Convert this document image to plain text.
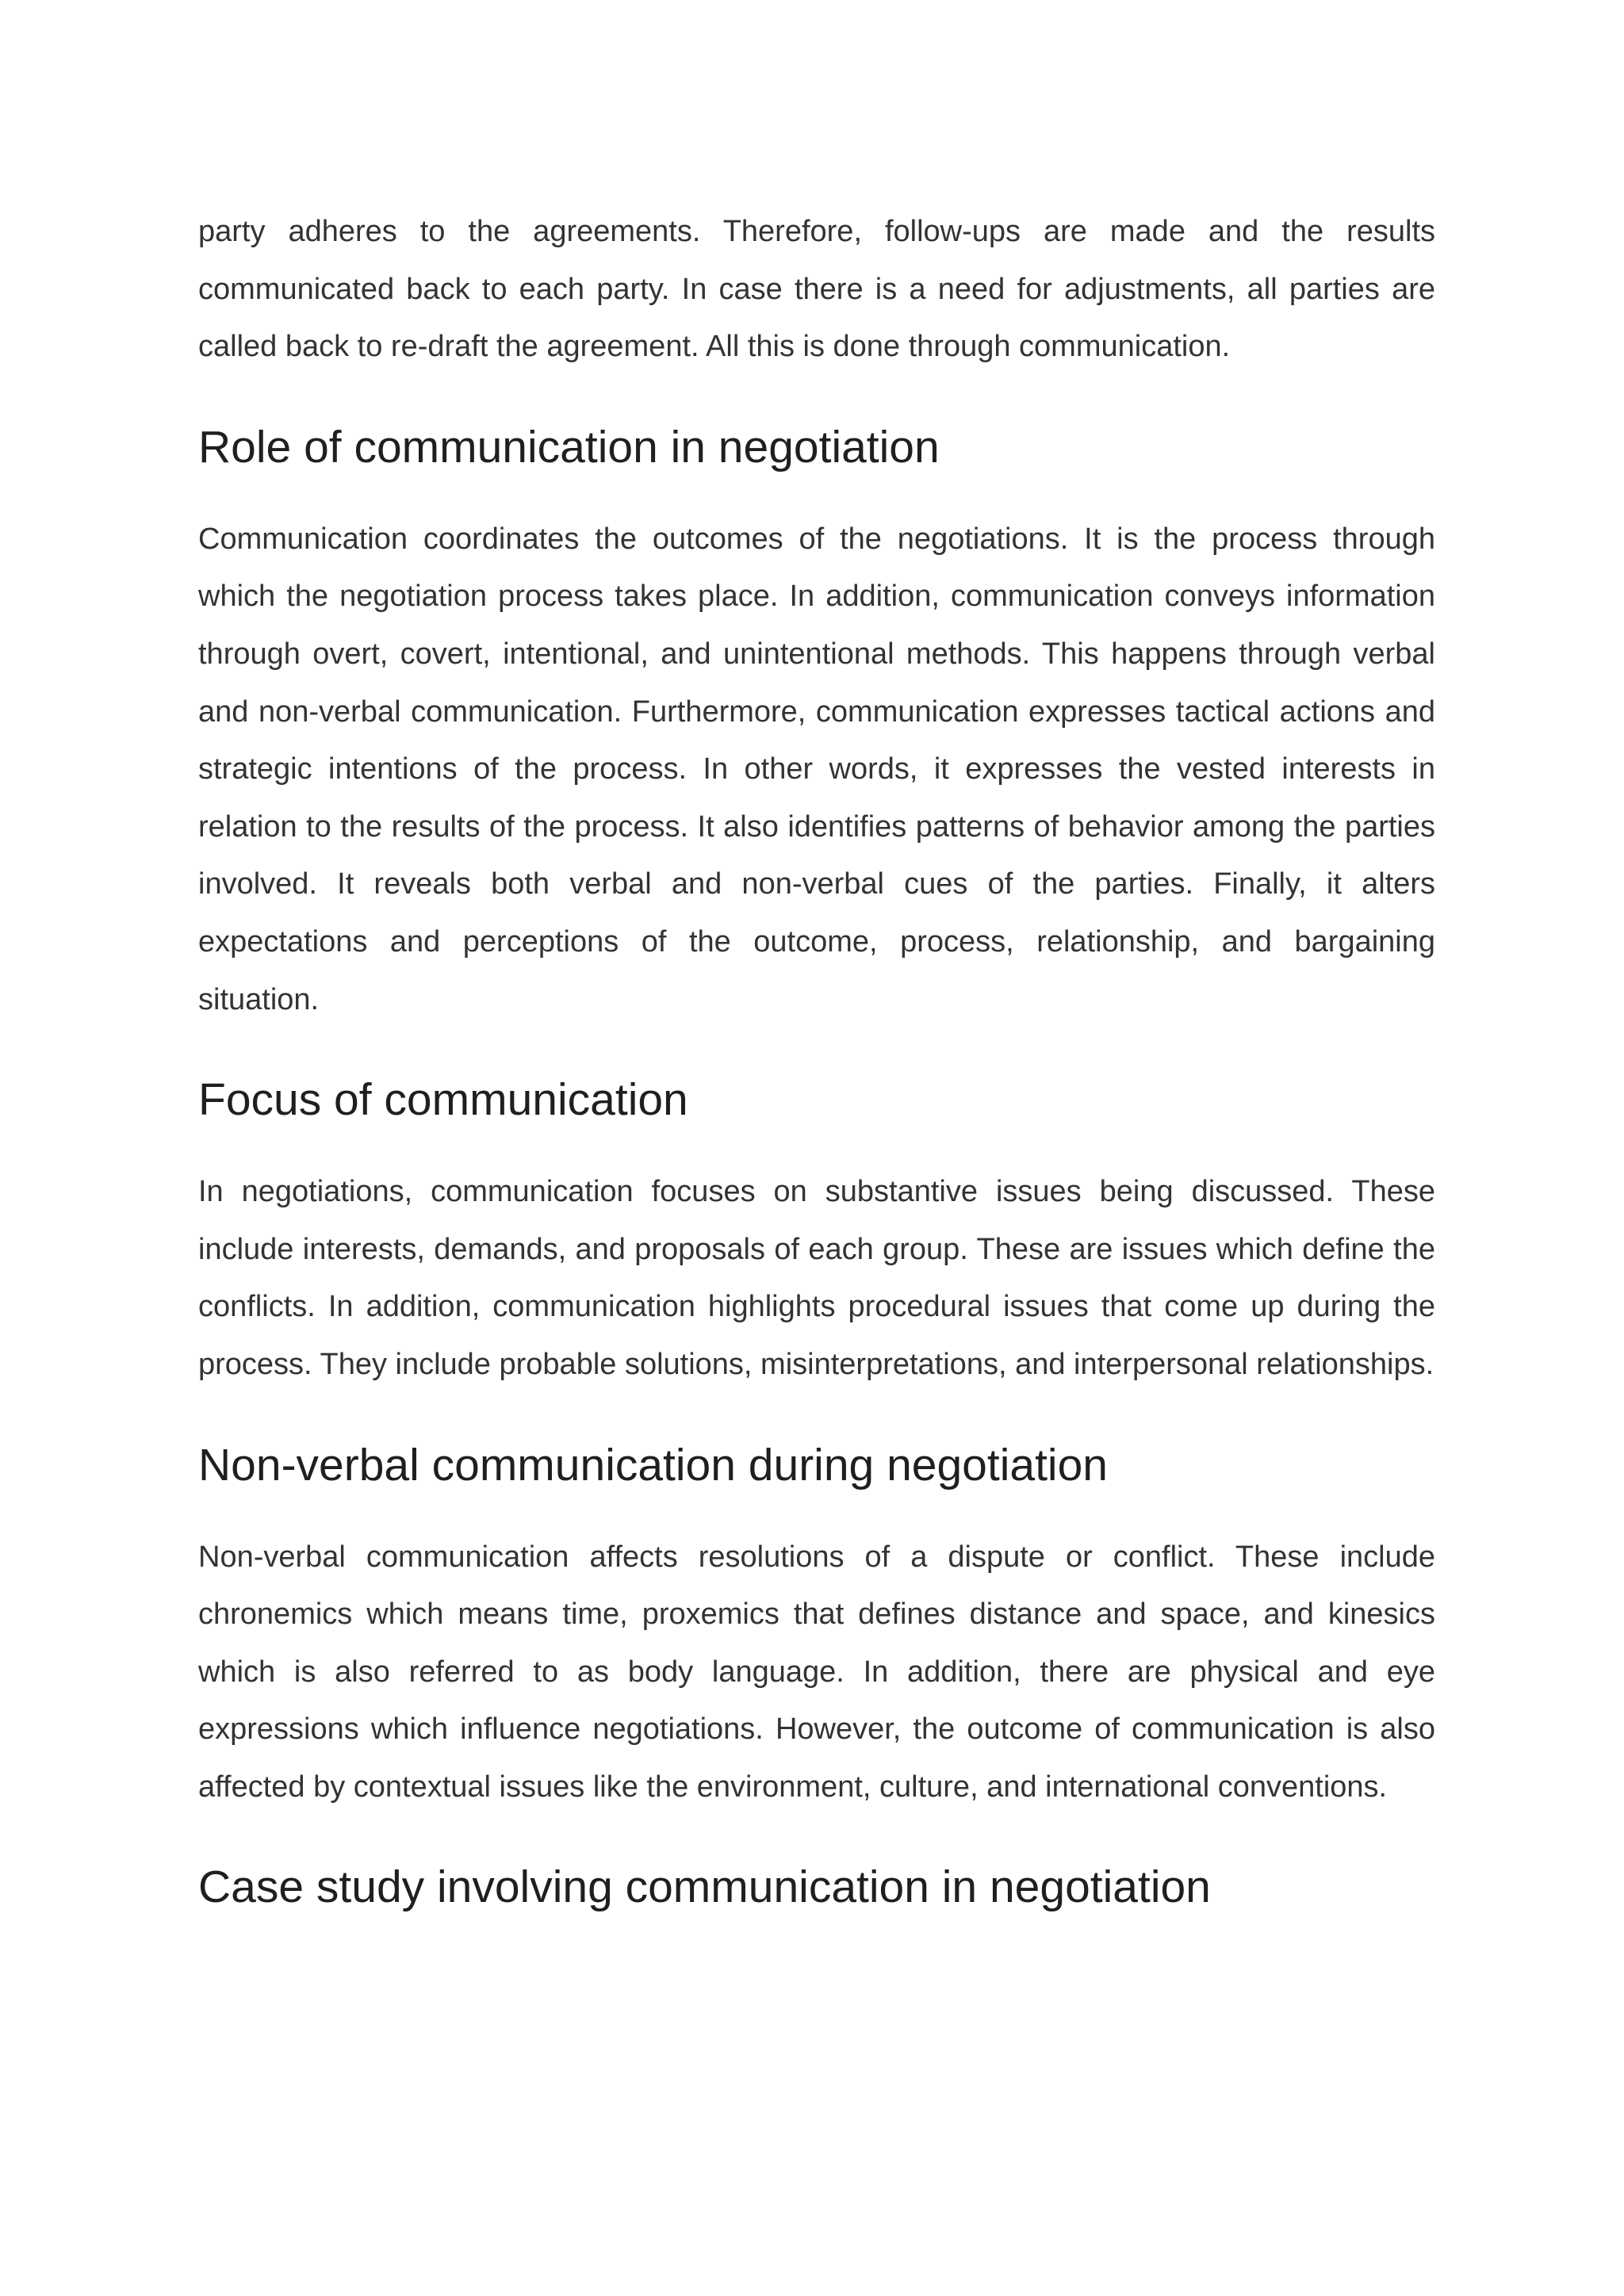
party adheres to the agreements. Therefore, follow-ups are made and the results communicated back to each party. In case there is a need for adjustments, all parties are called back to re-draft the agreement. All this is done through communication.

Role of communication in negotiation

Communication coordinates the outcomes of the negotiations. It is the process through which the negotiation process takes place. In addition, communication conveys information through overt, covert, intentional, and unintentional methods. This happens through verbal and non-verbal communication. Furthermore, communication expresses tactical actions and strategic intentions of the process. In other words, it expresses the vested interests in relation to the results of the process. It also identifies patterns of behavior among the parties involved. It reveals both verbal and non-verbal cues of the parties. Finally, it alters expectations and perceptions of the outcome, process, relationship, and bargaining situation.

Focus of communication

In negotiations, communication focuses on substantive issues being discussed. These include interests, demands, and proposals of each group. These are issues which define the conflicts. In addition, communication highlights procedural issues that come up during the process. They include probable solutions, misinterpretations, and interpersonal relationships.

Non-verbal communication during negotiation

Non-verbal communication affects resolutions of a dispute or conflict. These include chronemics which means time, proxemics that defines distance and space, and kinesics which is also referred to as body language. In addition, there are physical and eye expressions which influence negotiations. However, the outcome of communication is also affected by contextual issues like the environment, culture, and international conventions.

Case study involving communication in negotiation
